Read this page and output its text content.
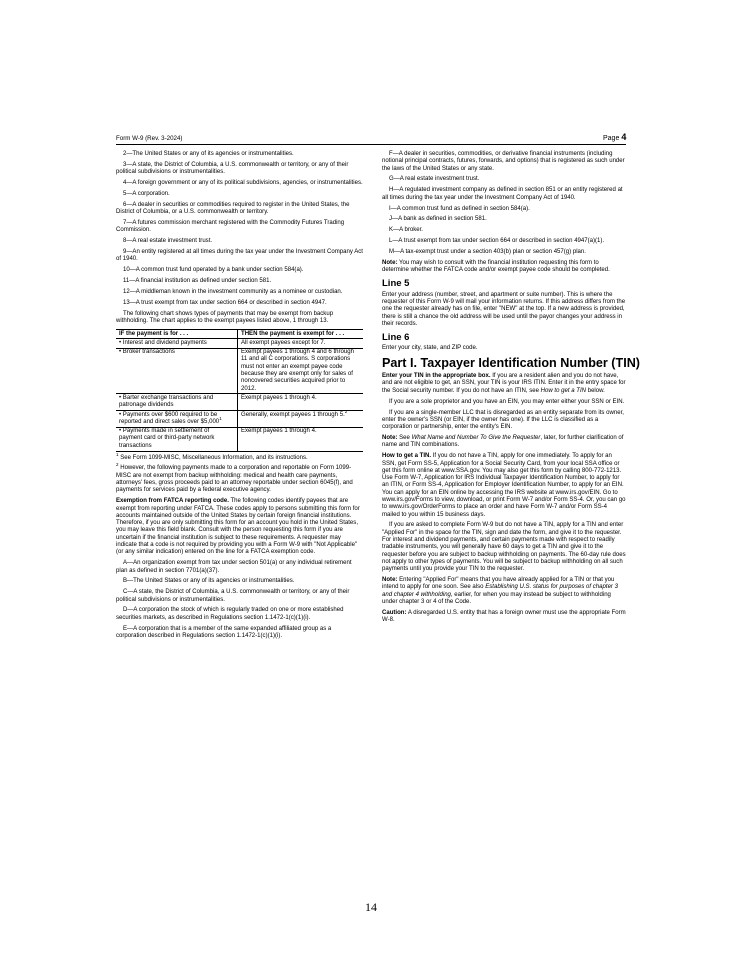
Form W-9 (Rev. 3-2024)	Page 4

2—The United States or any of its agencies or instrumentalities.

3—A state, the District of Columbia, a U.S. commonwealth or territory, or any of their political subdivisions or instrumentalities.

4—A foreign government or any of its political subdivisions, agencies, or instrumentalities.

5—A corporation.

6—A dealer in securities or commodities required to register in the United States, the District of Columbia, or a U.S. commonwealth or territory.

7—A futures commission merchant registered with the Commodity Futures Trading Commission.

8—A real estate investment trust.

9—An entity registered at all times during the tax year under the Investment Company Act of 1940.

10—A common trust fund operated by a bank under section 584(a).

11—A financial institution as defined under section 581.

12—A middleman known in the investment community as a nominee or custodian.

13—A trust exempt from tax under section 664 or described in section 4947.

The following chart shows types of payments that may be exempt from backup withholding. The chart applies to the exempt payees listed above, 1 through 13.

IF the payment is for . . .	THEN the payment is exempt for . . .
• Interest and dividend payments	All exempt payees except for 7.
• Broker transactions	Exempt payees 1 through 4 and 6 through 11 and all C corporations. S corporations must not enter an exempt payee code because they are exempt only for sales of noncovered securities acquired prior to 2012.
• Barter exchange transactions and patronage dividends	Exempt payees 1 through 4.
• Payments over $600 required to be reported and direct sales over $5,000$^1$	Generally, exempt payees 1 through 5.$^2$
• Payments made in settlement of payment card or third-party network transactions	Exempt payees 1 through 4.

$^1$ See Form 1099-MISC, Miscellaneous Information, and its instructions.

$^2$ However, the following payments made to a corporation and reportable on Form 1099-MISC are not exempt from backup withholding: medical and health care payments, attorneys' fees, gross proceeds paid to an attorney reportable under section 6045(f), and payments for services paid by a federal executive agency.

Exemption from FATCA reporting code. The following codes identify payees that are exempt from reporting under FATCA. These codes apply to persons submitting this form for accounts maintained outside of the United States by certain foreign financial institutions. Therefore, if you are only submitting this form for an account you hold in the United States, you may leave this field blank. Consult with the person requesting this form if you are uncertain if the financial institution is subject to these requirements. A requester may indicate that a code is not required by providing you with a Form W-9 with "Not Applicable" (or any similar indication) entered on the line for a FATCA exemption code.

A—An organization exempt from tax under section 501(a) or any individual retirement plan as defined in section 7701(a)(37).

B—The United States or any of its agencies or instrumentalities.

C—A state, the District of Columbia, a U.S. commonwealth or territory, or any of their political subdivisions or instrumentalities.

D—A corporation the stock of which is regularly traded on one or more established securities markets, as described in Regulations section 1.1472-1(c)(1)(i).

E—A corporation that is a member of the same expanded affiliated group as a corporation described in Regulations section 1.1472-1(c)(1)(i).

F—A dealer in securities, commodities, or derivative financial instruments (including notional principal contracts, futures, forwards, and options) that is registered as such under the laws of the United States or any state.

G—A real estate investment trust.

H—A regulated investment company as defined in section 851 or an entity registered at all times during the tax year under the Investment Company Act of 1940.

I—A common trust fund as defined in section 584(a).

J—A bank as defined in section 581.

K—A broker.

L—A trust exempt from tax under section 664 or described in section 4947(a)(1).

M—A tax-exempt trust under a section 403(b) plan or section 457(g) plan.

Note: You may wish to consult with the financial institution requesting this form to determine whether the FATCA code and/or exempt payee code should be completed.

Line 5

Enter your address (number, street, and apartment or suite number). This is where the requester of this Form W-9 will mail your information returns. If this address differs from the one the requester already has on file, enter "NEW" at the top. If a new address is provided, there is still a chance the old address will be used until the payor changes your address in their records.

Line 6

Enter your city, state, and ZIP code.

Part I. Taxpayer Identification Number (TIN)

Enter your TIN in the appropriate box. If you are a resident alien and you do not have, and are not eligible to get, an SSN, your TIN is your IRS ITIN. Enter it in the entry space for the Social security number. If you do not have an ITIN, see How to get a TIN below.

If you are a sole proprietor and you have an EIN, you may enter either your SSN or EIN.

If you are a single-member LLC that is disregarded as an entity separate from its owner, enter the owner's SSN (or EIN, if the owner has one). If the LLC is classified as a corporation or partnership, enter the entity's EIN.

Note: See What Name and Number To Give the Requester, later, for further clarification of name and TIN combinations.

How to get a TIN. If you do not have a TIN, apply for one immediately. To apply for an SSN, get Form SS-5, Application for a Social Security Card, from your local SSA office or get this form online at www.SSA.gov. You may also get this form by calling 800-772-1213. Use Form W-7, Application for IRS Individual Taxpayer Identification Number, to apply for an ITIN, or Form SS-4, Application for Employer Identification Number, to apply for an EIN. You can apply for an EIN online by accessing the IRS website at www.irs.gov/EIN. Go to www.irs.gov/Forms to view, download, or print Form W-7 and/or Form SS-4. Or, you can go to www.irs.gov/OrderForms to place an order and have Form W-7 and/or Form SS-4 mailed to you within 15 business days.

If you are asked to complete Form W-9 but do not have a TIN, apply for a TIN and enter "Applied For" in the space for the TIN, sign and date the form, and give it to the requester. For interest and dividend payments, and certain payments made with respect to readily tradable instruments, you will generally have 60 days to get a TIN and give it to the requester before you are subject to backup withholding on payments. The 60-day rule does not apply to other types of payments. You will be subject to backup withholding on all such payments until you provide your TIN to the requester.

Note: Entering "Applied For" means that you have already applied for a TIN or that you intend to apply for one soon. See also Establishing U.S. status for purposes of chapter 3 and chapter 4 withholding, earlier, for when you may instead be subject to withholding under chapter 3 or 4 of the Code.

Caution: A disregarded U.S. entity that has a foreign owner must use the appropriate Form W-8.

14
